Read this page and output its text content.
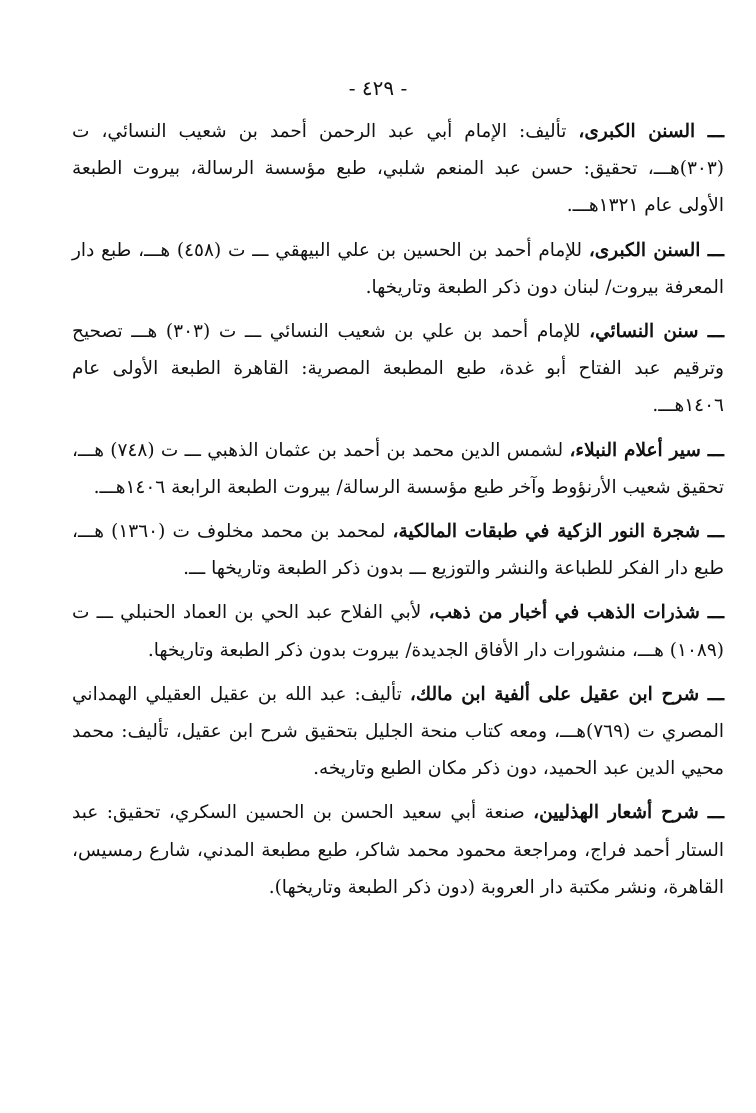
- ٤٢٩ -

ـــ السنن الكبرى، تأليف: الإمام أبي عبد الرحمن أحمد بن شعيب النسائي، ت (٣٠٣)هـــ، تحقيق: حسن عبد المنعم شلبي، طبع مؤسسة الرسالة، بيروت الطبعة الأولى عام ١٣٢١هـــ.

ـــ السنن الكبرى، للإمام أحمد بن الحسين بن علي البيهقي ـــ ت (٤٥٨) هـــ، طبع دار المعرفة بيروت/ لبنان دون ذكر الطبعة وتاريخها.

ـــ سنن النسائي، للإمام أحمد بن علي بن شعيب النسائي ـــ ت (٣٠٣) هـــ تصحيح وترقيم عبد الفتاح أبو غدة، طبع المطبعة المصرية: القاهرة الطبعة الأولى عام ١٤٠٦هـــ.

ـــ سير أعلام النبلاء، لشمس الدين محمد بن أحمد بن عثمان الذهبي ـــ ت (٧٤٨) هـــ، تحقيق شعيب الأرنؤوط وآخر طبع مؤسسة الرسالة/ بيروت الطبعة الرابعة ١٤٠٦هـــ.

ـــ شجرة النور الزكية في طبقات المالكية، لمحمد بن محمد مخلوف ت (١٣٦٠) هـــ، طبع دار الفكر للطباعة والنشر والتوزيع ـــ بدون ذكر الطبعة وتاريخها ـــ.

ـــ شذرات الذهب في أخبار من ذهب، لأبي الفلاح عبد الحي بن العماد الحنبلي ـــ ت (١٠٨٩) هـــ، منشورات دار الأفاق الجديدة/ بيروت بدون ذكر الطبعة وتاريخها.

ـــ شرح ابن عقيل على ألفية ابن مالك، تأليف: عبد الله بن عقيل العقيلي الهمداني المصري ت (٧٦٩)هـــ، ومعه كتاب منحة الجليل بتحقيق شرح ابن عقيل، تأليف: محمد محيي الدين عبد الحميد، دون ذكر مكان الطبع وتاريخه.

ـــ شرح أشعار الهذليين، صنعة أبي سعيد الحسن بن الحسين السكري، تحقيق: عبد الستار أحمد فراج، ومراجعة محمود محمد شاكر، طبع مطبعة المدني، شارع رمسيس، القاهرة، ونشر مكتبة دار العروبة (دون ذكر الطبعة وتاريخها).
